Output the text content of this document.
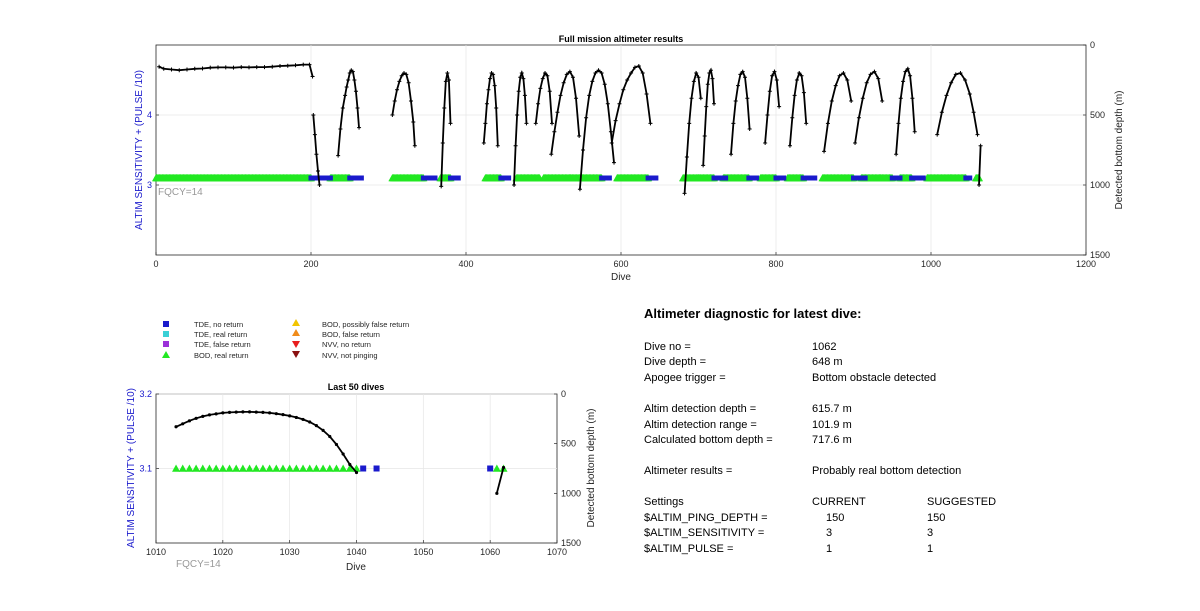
0	200	400	600	800	1000	1200
3
4
0
500
1000
1500
Full mission altimeter results
Dive
ALTIM SENSITIVITY + (PULSE /10)	Detected bottom depth (m)
FQCY=14
TDE, no return
TDE, real return
TDE, false return
BOD, real return
BOD, possibly false return
BOD, false return
NVV, no return
NVV, not pinging
1010	1020	1030	1040	1050	1060	1070
3.1
3.2	0
500
1000
1500
Last 50 dives
Dive
ALTIM SENSITIVITY + (PULSE /10)	Detected bottom depth (m)
FQCY=14
Altimeter diagnostic for latest dive:
Dive no =	1062
Dive depth =	648 m
Apogee trigger =	Bottom obstacle detected
Altim detection depth =	615.7 m
Altim detection range =	101.9 m
Calculated bottom depth =	717.6 m
Altimeter results =	Probably real bottom detection
Settings	CURRENT	SUGGESTED
$ALTIM_PING_DEPTH =	150	150
$ALTIM_SENSITIVITY =	3	3
$ALTIM_PULSE =	1	1
